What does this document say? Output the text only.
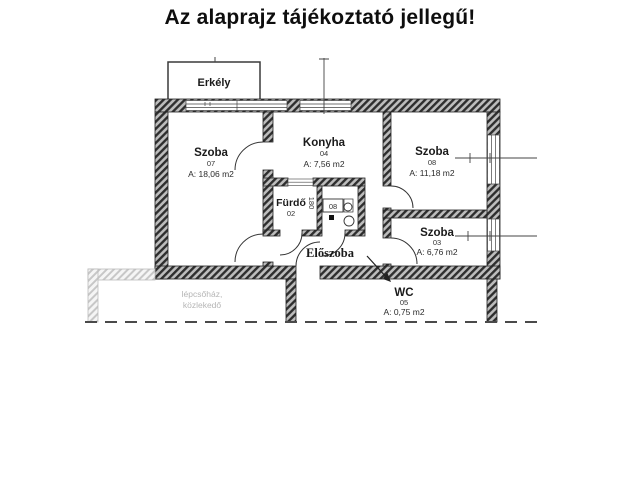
Az alaprajz tájékoztató jellegű!
08
180
Erkély
Szoba
07
A: 18,06 m2
Konyha
04
A: 7,56 m2
Szoba
08
A: 11,18 m2
Szoba
03
A: 6,76 m2
Fürdő
02
Előszoba
WC
05
A: 0,75 m2
lépcsőház,
közlekedő
